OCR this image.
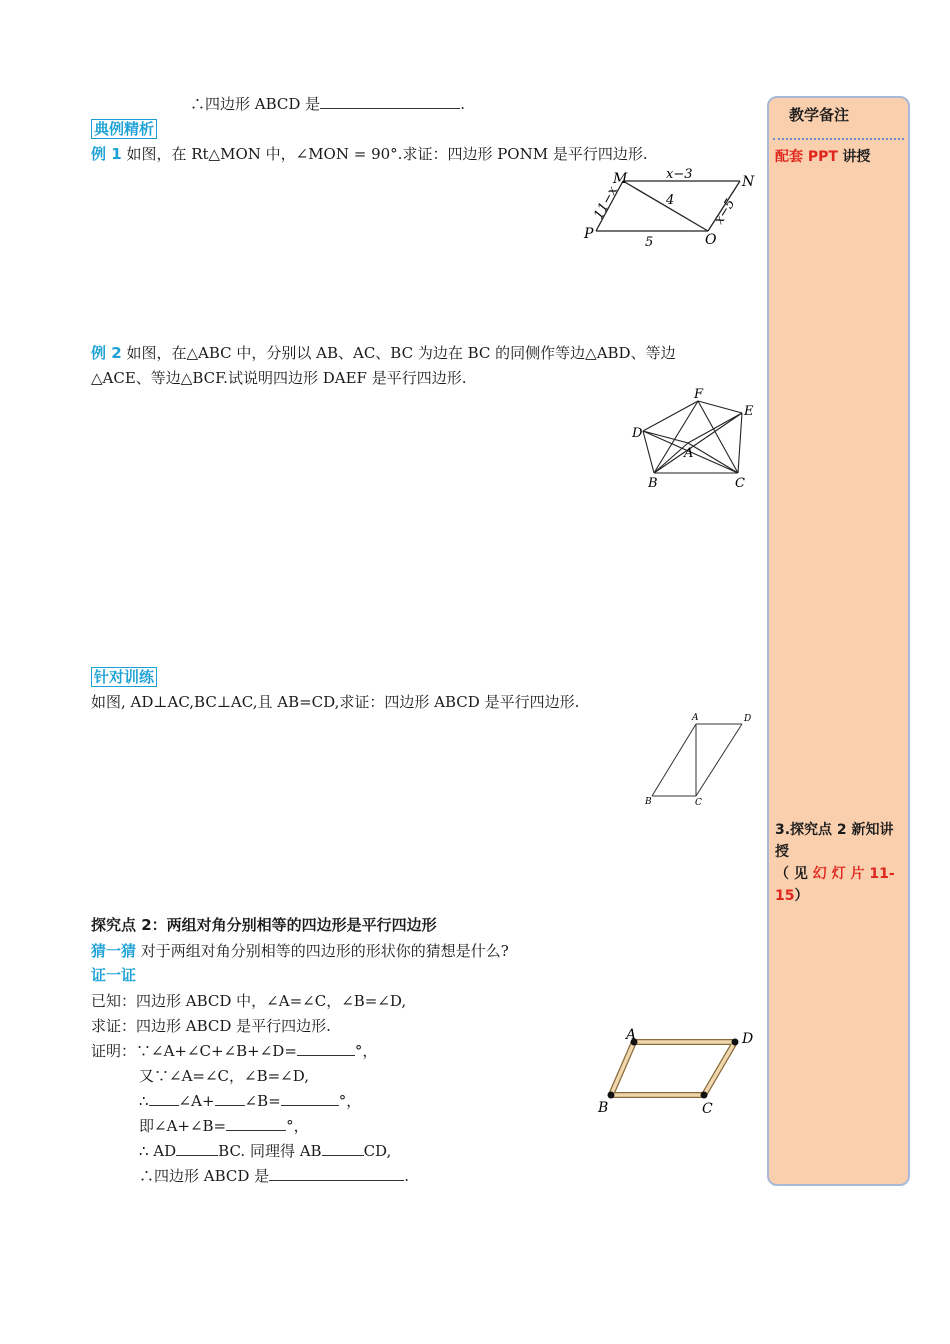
∴四边形 ABCD 是	.
典例精析
例 1 如图，在 Rt△MON 中，∠MON = 90°.求证：四边形 PONM 是平行四边形.
M	N
P	O
x−3
4
5
11−x	x−5
例 2 如图，在△ABC 中，分别以 AB、AC、BC 为边在 BC 的同侧作等边△ABD、等边
△ACE、等边△BCF.试说明四边形 DAEF 是平行四边形.
F
E
D
A
B	C
针对训练
如图, AD⊥AC,BC⊥AC,且 AB=CD,求证：四边形 ABCD 是平行四边形.
A	D
B	C
探究点 2：两组对角分别相等的四边形是平行四边形
猜一猜 对于两组对角分别相等的四边形的形状你的猜想是什么?
证一证
已知：四边形 ABCD 中，∠A=∠C，∠B=∠D,
求证：四边形 ABCD 是平行四边形.
证明：∵∠A+∠C+∠B+∠D=	°，
又∵∠A=∠C，∠B=∠D,
∴ ∠A+ ∠B=	°，
即∠A+∠B=	°，
∴ AD	BC. 同理得 AB	CD,
∴四边形 ABCD 是	.
A	D
B	C
教学备注
配套 PPT 讲授
3.探究点 2 新知讲授
（ 见 幻 灯 片 11-15）
